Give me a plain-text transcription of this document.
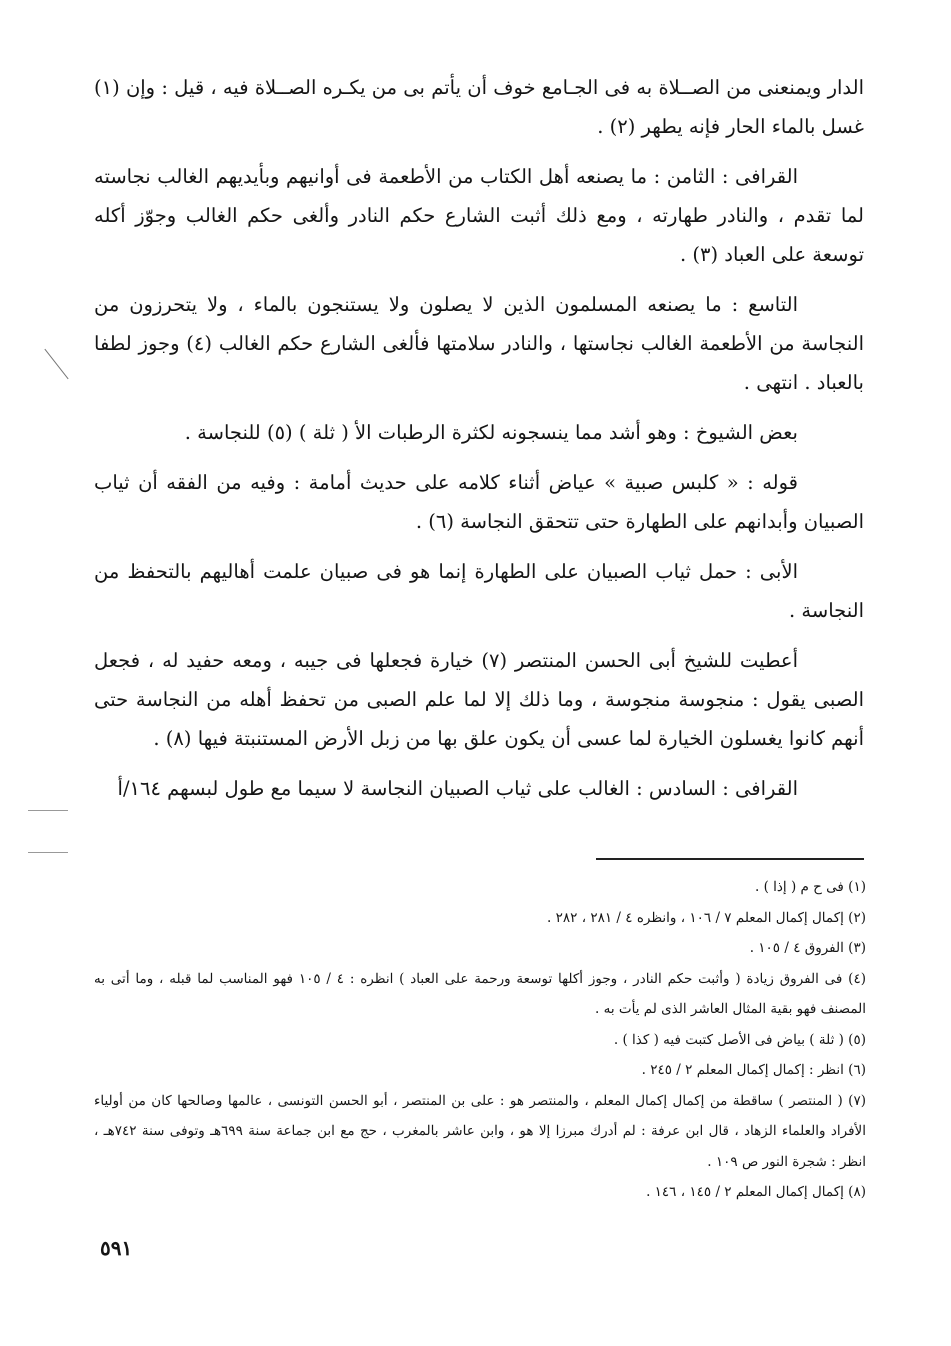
الدار ويمنعنى من الصــلاة به فى الجـامع خوف أن يأتم بى من يكـره الصــلاة فيه ، قيل : وإن (١) غسل بالماء الحار فإنه يطهر (٢) .

القرافى : الثامن : ما يصنعه أهل الكتاب من الأطعمة فى أوانيهم وبأيديهم الغالب نجاسته لما تقدم ، والنادر طهارته ، ومع ذلك أثبت الشارع حكم النادر وألغى حكم الغالب وجوّز أكله توسعة على العباد (٣) .

التاسع : ما يصنعه المسلمون الذين لا يصلون ولا يستنجون بالماء ، ولا يتحرزون من النجاسة من الأطعمة الغالب نجاستها ، والنادر سلامتها فألغى الشارع حكم الغالب (٤) وجوز لطفا بالعباد . انتهى .

بعض الشيوخ : وهو أشد مما ينسجونه لكثرة الرطبات الأ ( ثلة ) (٥) للنجاسة .

قوله : « كلبس صبية » عياض أثناء كلامه على حديث أمامة : وفيه من الفقه أن ثياب الصبيان وأبدانهم على الطهارة حتى تتحقق النجاسة (٦) .

الأبى : حمل ثياب الصبيان على الطهارة إنما هو فى صبيان علمت أهاليهم بالتحفظ من النجاسة .

أعطيت للشيخ أبى الحسن المنتصر (٧) خيارة فجعلها فى جيبه ، ومعه حفيد له ، فجعل الصبى يقول : منجوسة منجوسة ، وما ذلك إلا لما علم الصبى من تحفظ أهله من النجاسة حتى أنهم كانوا يغسلون الخيارة لما عسى أن يكون علق بها من زبل الأرض المستنبتة فيها (٨) .

القرافى : السادس : الغالب على ثياب الصبيان النجاسة لا سيما مع طول لبسهم ١٦٤/أ

(١) فى ح م ( إذا ) .

(٢) إكمال إكمال المعلم ٧ / ١٠٦ ، وانظره ٤ / ٢٨١ ، ٢٨٢ .

(٣) الفروق ٤ / ١٠٥ .

(٤) فى الفروق زيادة ( وأثبت حكم النادر ، وجوز أكلها توسعة ورحمة على العباد ) انظره : ٤ / ١٠٥ فهو المناسب لما قبله ، وما أتى به المصنف فهو بقية المثال العاشر الذى لم يأت به .

(٥) ( ثلة ) بياض فى الأصل كتبت فيه ( كذا ) .

(٦) انظر : إكمال إكمال المعلم ٢ / ٢٤٥ .

(٧) ( المنتصر ) ساقطة من إكمال إكمال المعلم ، والمنتصر هو : على بن المنتصر ، أبو الحسن التونسى ، عالمها وصالحها كان من أولياء الأفراد والعلماء الزهاد ، قال ابن عرفة : لم أدرك مبرزا إلا هو ، وابن عاشر بالمغرب ، حج مع ابن جماعة سنة ٦٩٩هـ وتوفى سنة ٧٤٢هـ ، انظر : شجرة النور ص ١٠٩ .

(٨) إكمال إكمال المعلم ٢ / ١٤٥ ، ١٤٦ .

٥٩١
